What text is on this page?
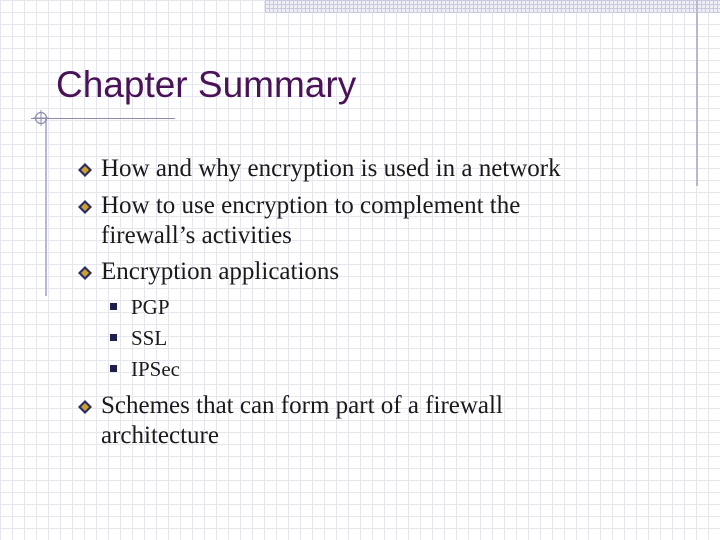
Chapter Summary
How and why encryption is used in a network
How to use encryption to complement the firewall’s activities
Encryption applications
PGP
SSL
IPSec
Schemes that can form part of a firewall architecture
